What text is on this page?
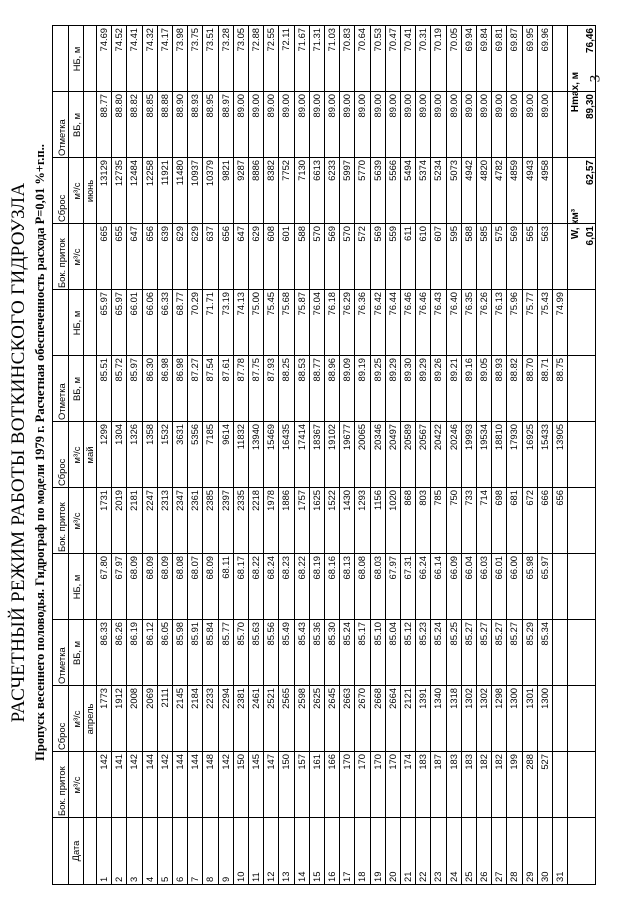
3
РАСЧЕТНЫЙ РЕЖИМ РАБОТЫ ВОТКИНСКОГО ГИДРОУЗЛА Пропуск весеннего половодья. Гидрограф по модели 1979 г. Расчетная обеспеченность расхода Р=0,01 %+г.п..
Дата
Бок. приток
Сброс
Отметка
Бок. приток
Сброс
Отметка
Бок. приток
Сброс
Отметка
м³/с
м³/с
ВБ, м
НБ, м
м³/с
м³/с
ВБ, м
НБ, м
м³/с
м³/с
ВБ, м
НБ, м
апрель
май
июнь
1
142
1773
86.33
67.80
1731
1299
85.51
65.97
665
13129
88.77
74.69
2
141
1912
86.26
67.97
2019
1304
85.72
65.97
655
12735
88.80
74.52
3
142
2008
86.19
68.09
2181
1326
85.97
66.01
647
12484
88.82
74.41
4
144
2069
86.12
68.09
2247
1358
86.30
66.06
656
12258
88.85
74.32
5
142
2111
86.05
68.09
2313
1532
86.98
66.33
639
11921
88.88
74.17
6
144
2145
85.98
68.08
2347
3631
86.98
68.77
629
11480
88.90
73.98
7
144
2184
85.91
68.07
2361
5356
87.27
70.29
629
10937
88.93
73.75
8
148
2233
85.84
68.09
2385
7185
87.54
71.71
637
10379
88.95
73.51
9
142
2294
85.77
68.11
2397
9614
87.61
73.19
656
9821
88.97
73.28
10
150
2381
85.70
68.17
2335
11832
87.78
74.13
647
9287
89.00
73.05
11
145
2461
85.63
68.22
2218
13940
87.75
75.00
629
8886
89.00
72.88
12
147
2521
85.56
68.24
1978
15469
87.93
75.45
608
8382
89.00
72.55
13
150
2565
85.49
68.23
1886
16435
88.25
75.68
601
7752
89.00
72.11
14
157
2598
85.43
68.22
1757
17414
88.53
75.87
588
7130
89.00
71.67
15
161
2625
85.36
68.19
1625
18367
88.77
76.04
570
6613
89.00
71.31
16
166
2645
85.30
68.16
1522
19102
88.96
76.18
569
6233
89.00
71.03
17
170
2663
85.24
68.13
1430
19677
89.09
76.29
570
5997
89.00
70.83
18
170
2670
85.17
68.08
1293
20065
89.19
76.36
572
5770
89.00
70.64
19
170
2668
85.10
68.03
1156
20346
89.25
76.42
569
5639
89.00
70.53
20
170
2664
85.04
67.97
1020
20497
89.29
76.44
559
5566
89.00
70.47
21
174
2121
85.12
67.31
868
20589
89.30
76.46
611
5494
89.00
70.41
22
183
1391
85.23
66.24
803
20567
89.29
76.46
610
5374
89.00
70.31
23
187
1340
85.24
66.14
785
20422
89.26
76.43
607
5234
89.00
70.19
24
183
1318
85.25
66.09
750
20246
89.21
76.40
595
5073
89.00
70.05
25
183
1302
85.27
66.04
733
19993
89.16
76.35
588
4942
89.00
69.94
26
182
1302
85.27
66.03
714
19534
89.05
76.26
585
4820
89.00
69.84
27
182
1298
85.27
66.01
698
18810
88.93
76.13
575
4782
89.00
69.81
28
199
1300
85.27
66.00
681
17930
88.82
75.96
569
4859
89.00
69.87
29
288
1301
85.29
65.98
672
16925
88.70
75.77
565
4943
89.00
69.95
30
527
1300
85.34
65.97
666
15433
88.71
75.43
563
4958
89.00
69.96
31
656
13905
88.75
74.99
W, км³ 6,01
62,57
Hmax, м 89,30
76,46
